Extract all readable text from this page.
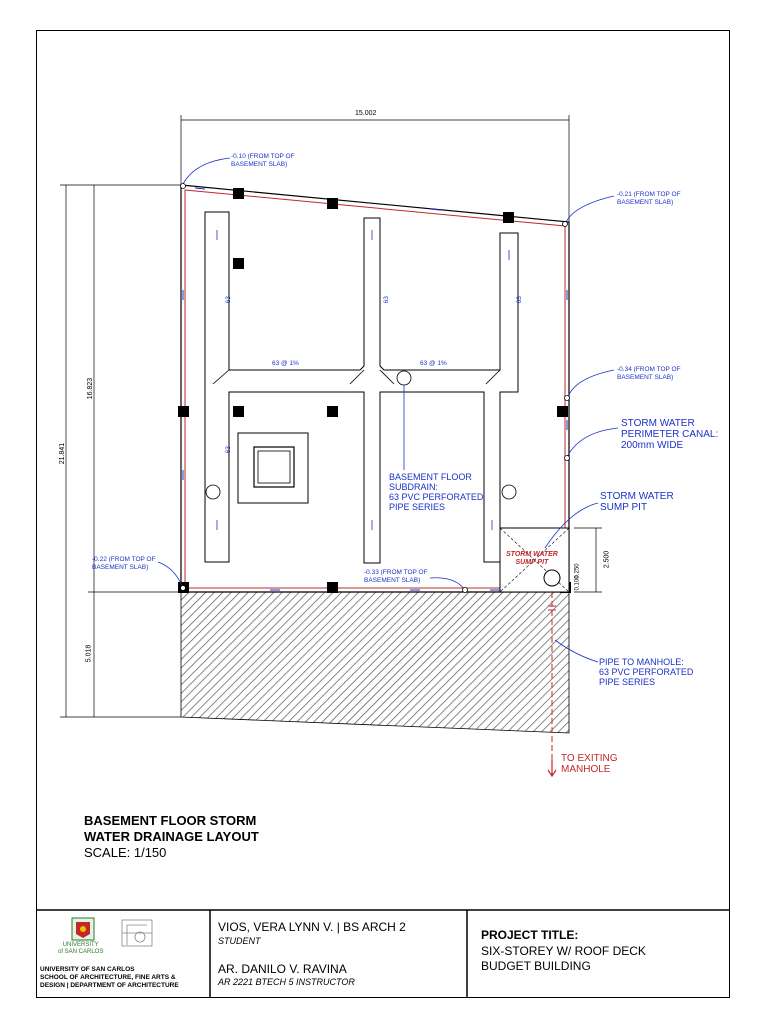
15.002
21.841
16.823
5.018
2.500
0.100
0.250
-0.10 (FROM TOP OF
BASEMENT SLAB)
-0.21 (FROM TOP OF
BASEMENT SLAB)
-0.34 (FROM TOP OF
BASEMENT SLAB)
-0.22 (FROM TOP OF
BASEMENT SLAB)
-0.33 (FROM TOP OF
BASEMENT SLAB)
63	63	63
63
63 @ 1%	63 @ 1%
BASEMENT FLOOR
SUBDRAIN:
63 PVC PERFORATED
PIPE SERIES
STORM WATER
PERIMETER CANAL:
200mm WIDE
STORM WATER
SUMP PIT
STORM WATER
SUMP PIT
PIPE TO MANHOLE:
63 PVC PERFORATED
PIPE SERIES
TO EXITING
MANHOLE
BASEMENT FLOOR STORM
WATER DRAINAGE LAYOUT
SCALE: 1/150
UNIVERSITY
of SAN CARLOS
UNIVERSITY OF SAN CARLOS
SCHOOL OF ARCHITECTURE, FINE ARTS &
DESIGN | DEPARTMENT OF ARCHITECTURE
VIOS, VERA LYNN V. | BS ARCH 2
STUDENT
AR. DANILO V. RAVINA
AR 2221 BTECH 5 INSTRUCTOR
PROJECT TITLE:
SIX-STOREY W/ ROOF DECK
BUDGET BUILDING
